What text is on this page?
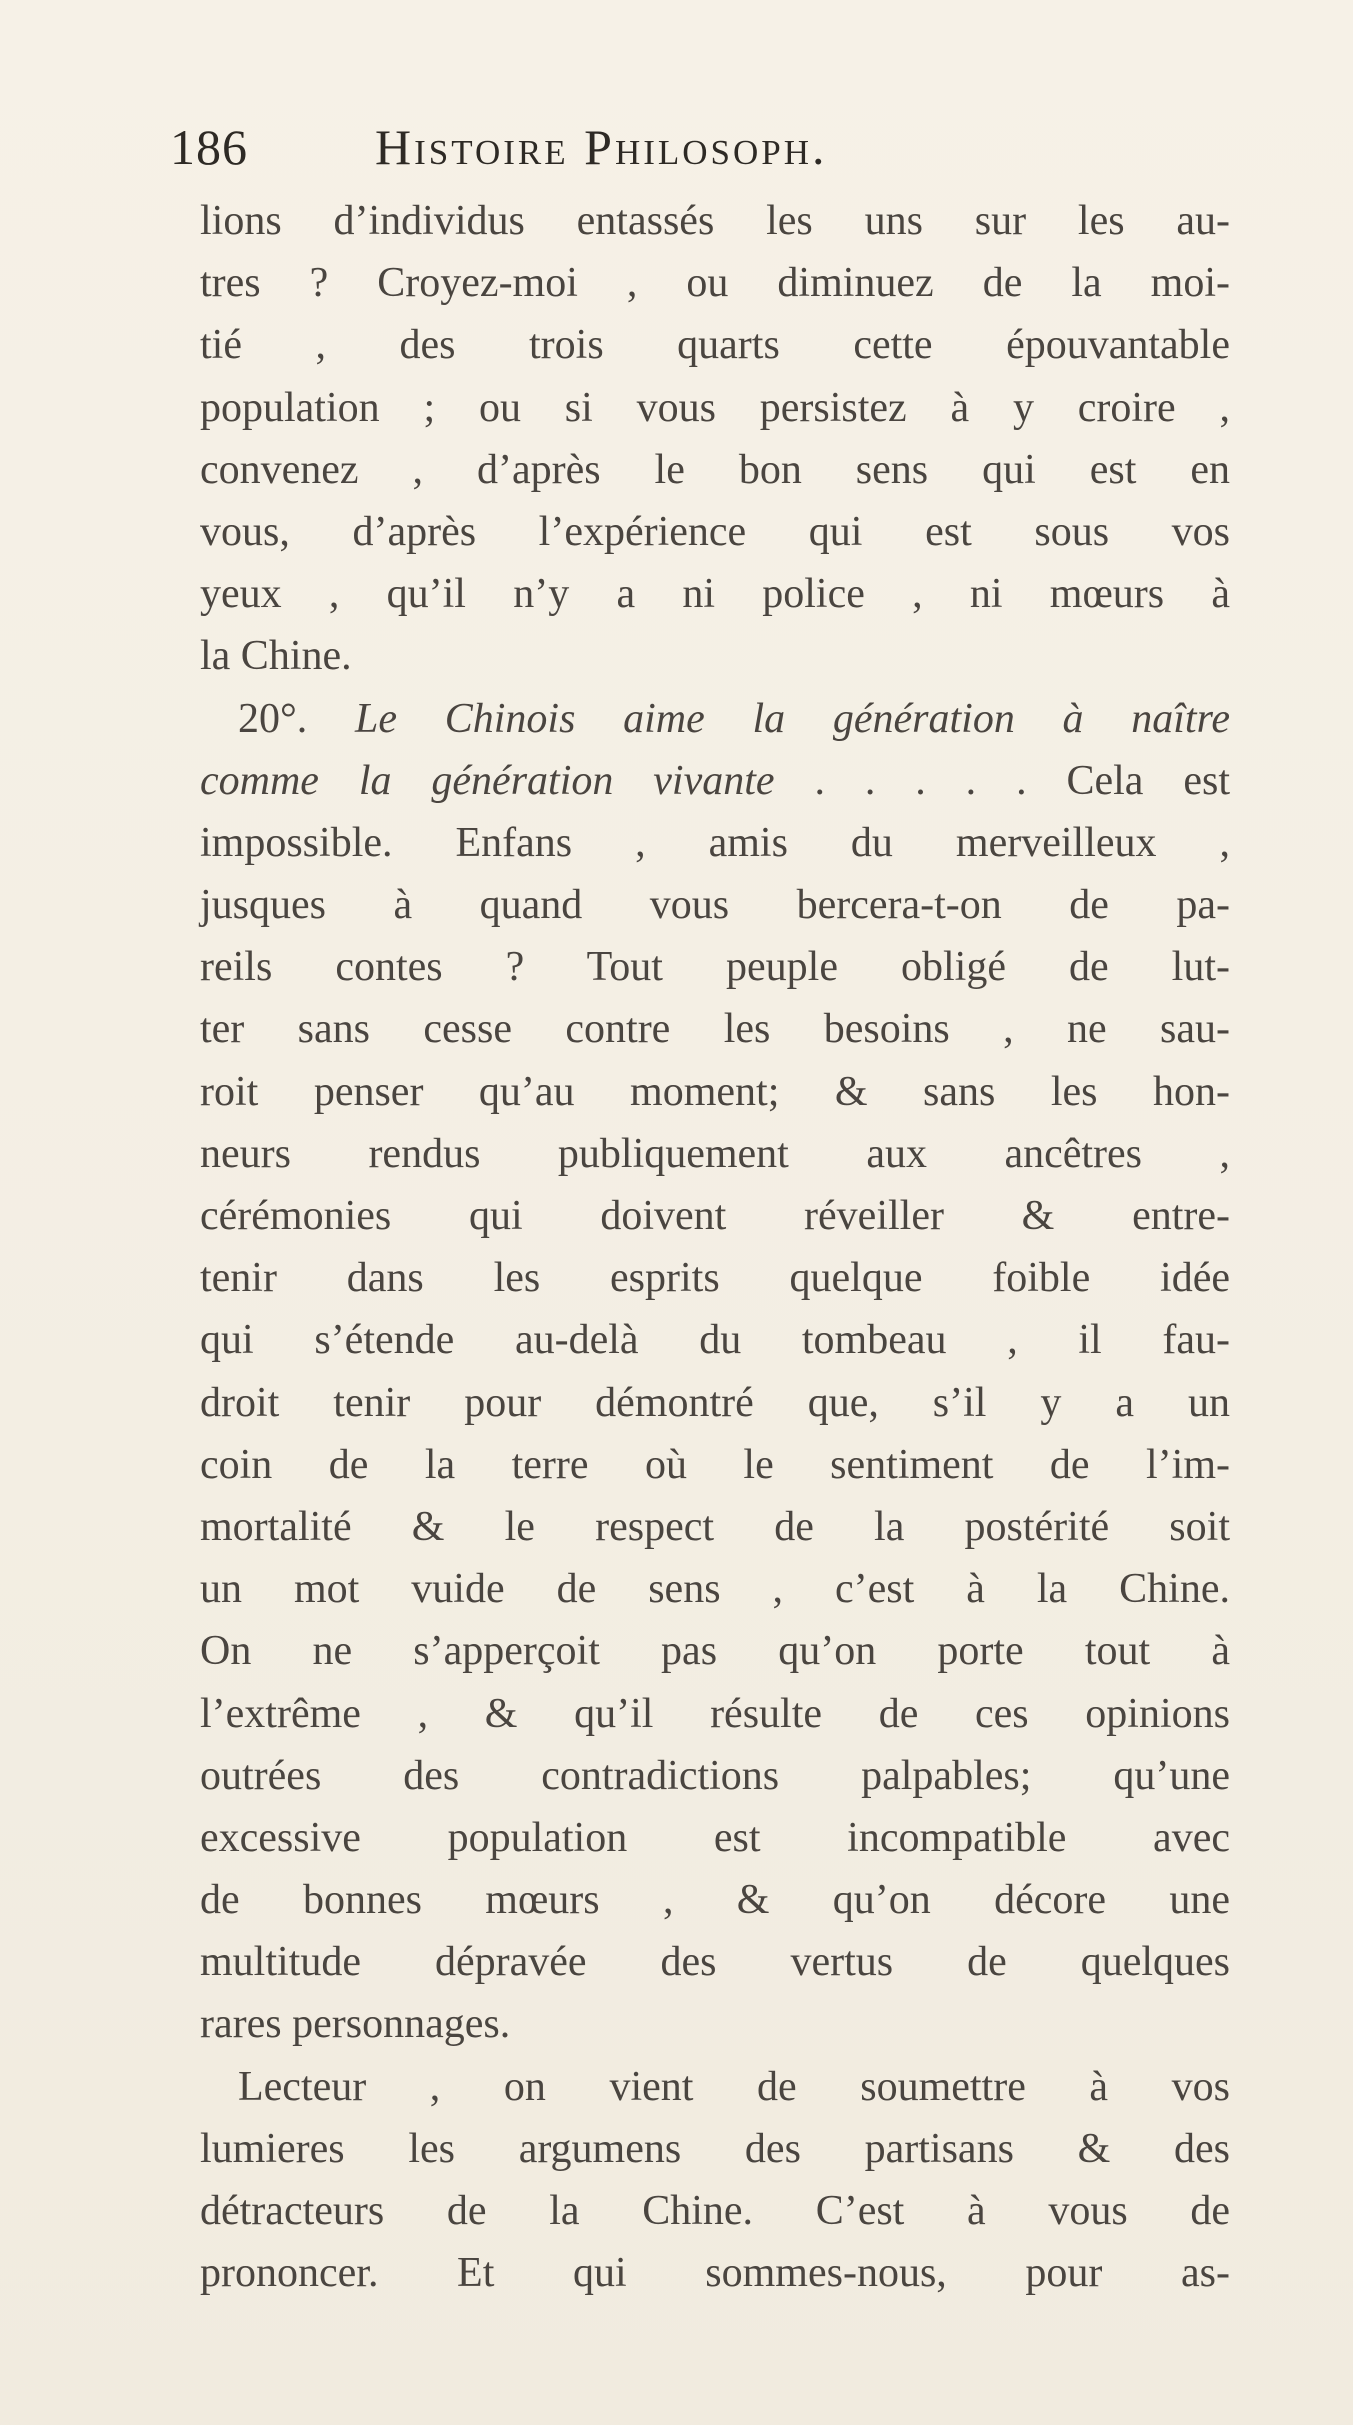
186	Histoire Philosoph.
lions d’individus entassés les uns sur les au-
tres ? Croyez-moi , ou diminuez de la moi-
tié , des trois quarts cette épouvantable
population ; ou si vous persistez à y croire ,
convenez , d’après le bon sens qui est en
vous, d’après l’expérience qui est sous vos
yeux , qu’il n’y a ni police , ni mœurs à
la Chine.
20°. Le Chinois aime la génération à naître
comme la génération vivante . . . . . Cela est
impossible. Enfans , amis du merveilleux ,
jusques à quand vous bercera-t-on de pa-
reils contes ? Tout peuple obligé de lut-
ter sans cesse contre les besoins , ne sau-
roit penser qu’au moment; & sans les hon-
neurs rendus publiquement aux ancêtres ,
cérémonies qui doivent réveiller & entre-
tenir dans les esprits quelque foible idée
qui s’étende au-delà du tombeau , il fau-
droit tenir pour démontré que, s’il y a un
coin de la terre où le sentiment de l’im-
mortalité & le respect de la postérité soit
un mot vuide de sens , c’est à la Chine.
On ne s’apperçoit pas qu’on porte tout à
l’extrême , & qu’il résulte de ces opinions
outrées des contradictions palpables; qu’une
excessive population est incompatible avec
de bonnes mœurs , & qu’on décore une
multitude dépravée des vertus de quelques
rares personnages.
Lecteur , on vient de soumettre à vos
lumieres les argumens des partisans & des
détracteurs de la Chine. C’est à vous de
prononcer. Et qui sommes-nous, pour as-
